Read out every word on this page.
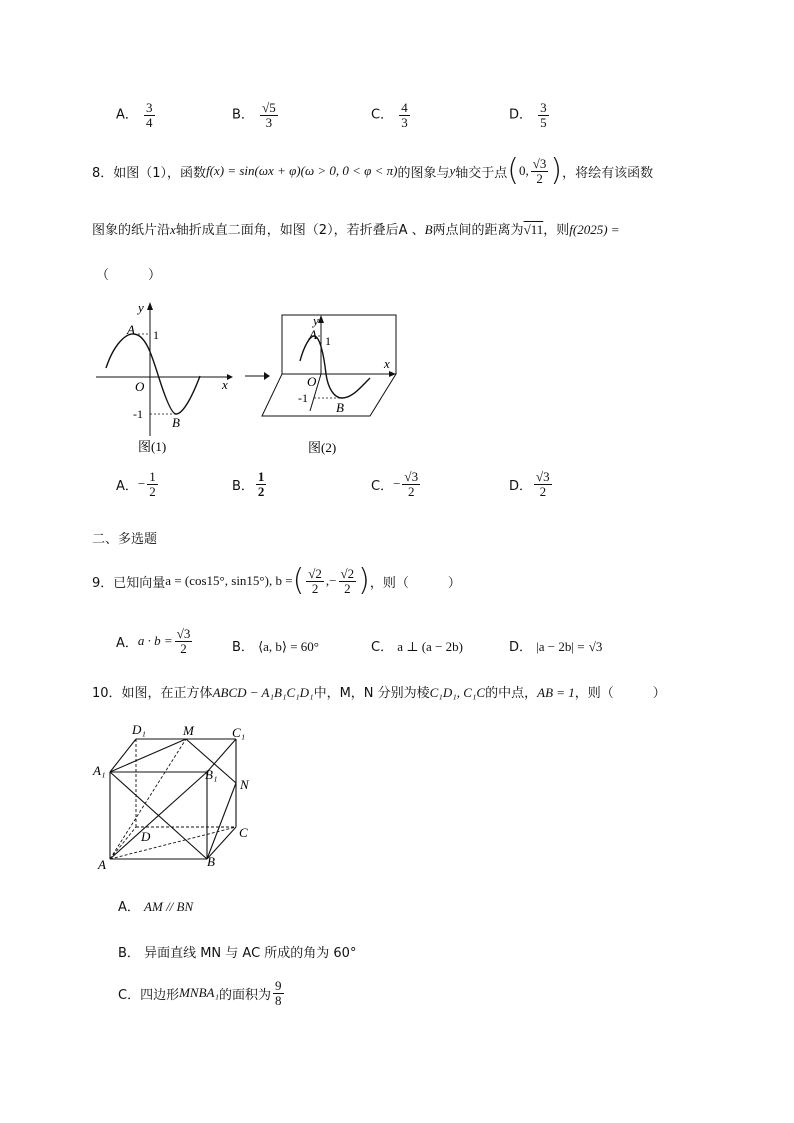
A． $\frac{3}{4}$	B． √ $\frac{5}{3}$	C． $\frac{4}{3}$	D． $\frac{3}{5}$
8． 如图（1），函数 f(x) = sin(ωx + φ)(ω > 0, 0 < φ < π) 的图象与 y 轴交于点 ( 0, √ $\frac{3}{2}$ ) ，将绘有该函数
图象的纸片沿x轴折成直二面角，如图（2），若折叠后A 、B两点间的距离为 √ 11，则f(2025) =
（　　　）
y
A 1
O	x
-1
B
图(1)
y
A 1
O
x
-1
B
图(2)
A． − $\frac{1}{2}$	B． $\frac{1}{2}$	C． − √ $\frac{3}{2}$	D． √ $\frac{3}{2}$
二、多选题
9． 已知向量 a = (cos15°, sin15°) , b = ( √ $\frac{2}{2}$ ,− √ $\frac{2}{2}$ ) ，则（　　　）
A． a · b = √ $\frac{3}{2}$	B． ⟨a, b⟩ = 60°	C． a ⊥ (a − 2b)	D． |a − 2b| = √ 3
10．如图，在正方体ABCD − A₁B₁C₁D₁中，M，N 分别为棱C₁D₁, C₁C的中点，AB = 1，则（　　　）
D₁	M	C₁
A₁	B₁
N
D	C
A	B
A． AM // BN
B． 异面直线 MN 与 AC 所成的角为 60°
C． 四边形 MNBA₁ 的面积为 $\frac{9}{8}$
